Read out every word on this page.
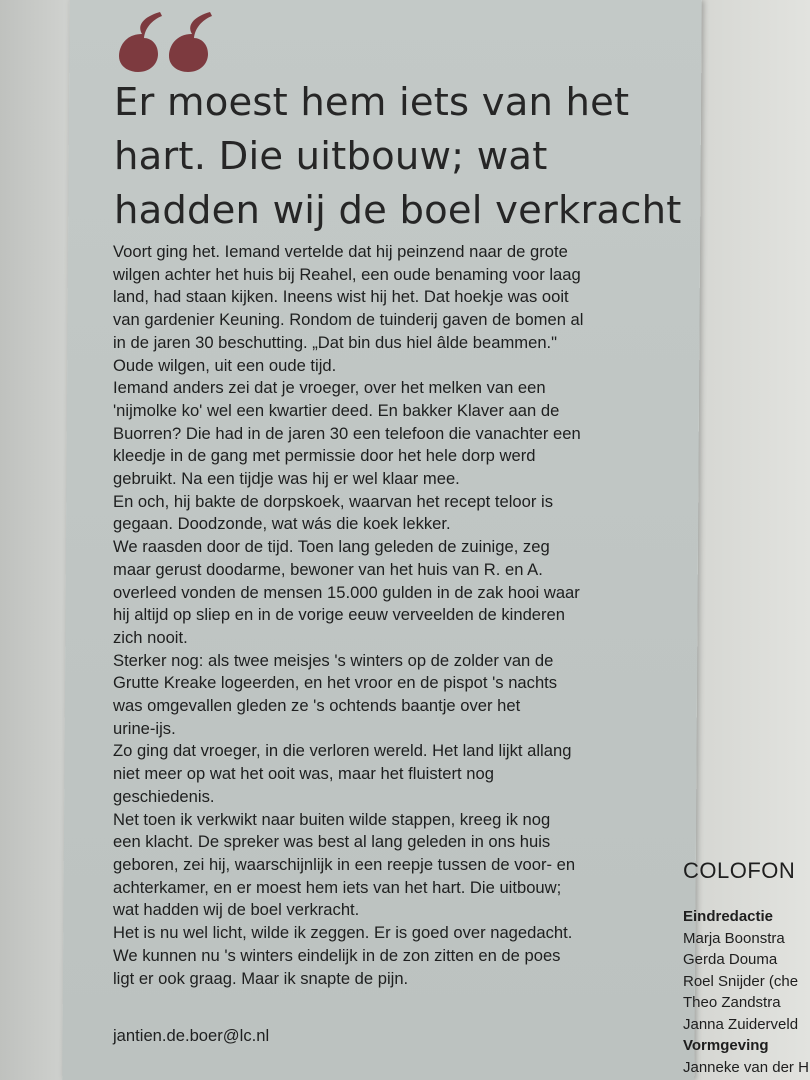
Er moest hem iets van het
hart. Die uitbouw; wat
hadden wij de boel verkracht
Voort ging het. Iemand vertelde dat hij peinzend naar de grote
wilgen achter het huis bij Reahel, een oude benaming voor laag
land, had staan kijken. Ineens wist hij het. Dat hoekje was ooit
van gardenier Keuning. Rondom de tuinderij gaven de bomen al
in de jaren 30 beschutting. „Dat bin dus hiel âlde beammen."
Oude wilgen, uit een oude tijd.
Iemand anders zei dat je vroeger, over het melken van een
'nijmolke ko' wel een kwartier deed. En bakker Klaver aan de
Buorren? Die had in de jaren 30 een telefoon die vanachter een
kleedje in de gang met permissie door het hele dorp werd
gebruikt. Na een tijdje was hij er wel klaar mee.
En och, hij bakte de dorpskoek, waarvan het recept teloor is
gegaan. Doodzonde, wat wás die koek lekker.
We raasden door de tijd. Toen lang geleden de zuinige, zeg
maar gerust doodarme, bewoner van het huis van R. en A.
overleed vonden de mensen 15.000 gulden in de zak hooi waar
hij altijd op sliep en in de vorige eeuw verveelden de kinderen
zich nooit.
Sterker nog: als twee meisjes 's winters op de zolder van de
Grutte Kreake logeerden, en het vroor en de pispot 's nachts
was omgevallen gleden ze 's ochtends baantje over het
urine-ijs.
Zo ging dat vroeger, in die verloren wereld. Het land lijkt allang
niet meer op wat het ooit was, maar het fluistert nog
geschiedenis.
Net toen ik verkwikt naar buiten wilde stappen, kreeg ik nog
een klacht. De spreker was best al lang geleden in ons huis
geboren, zei hij, waarschijnlijk in een reepje tussen de voor- en
achterkamer, en er moest hem iets van het hart. Die uitbouw;
wat hadden wij de boel verkracht.
Het is nu wel licht, wilde ik zeggen. Er is goed over nagedacht.
We kunnen nu 's winters eindelijk in de zon zitten en de poes
ligt er ook graag. Maar ik snapte de pijn.
jantien.de.boer@lc.nl
COLOFON
Eindredactie
Marja Boonstra
Gerda Douma
Roel Snijder (che
Theo Zandstra
Janna Zuiderveld
Vormgeving
Janneke van der H
